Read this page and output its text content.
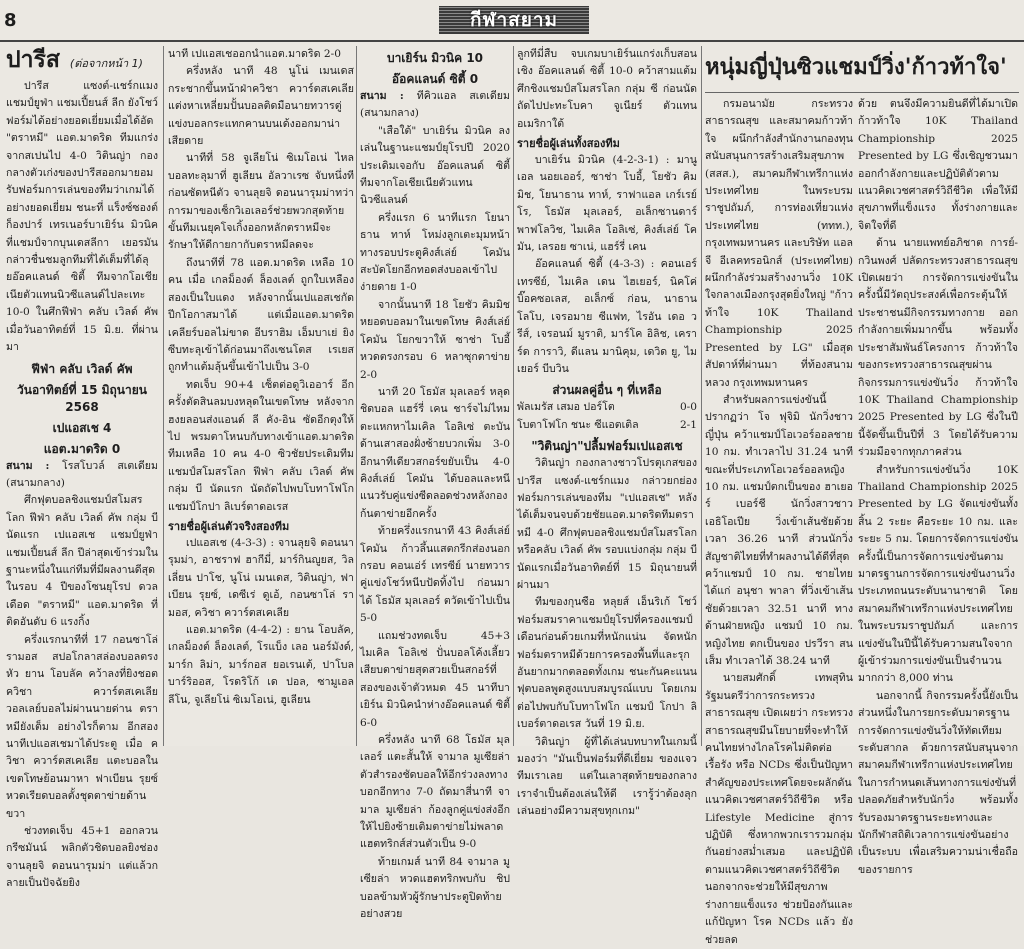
8	กีฬาสยาม
ปารีส (ต่อจากหน้า 1)

ปารีส แซงต์-แชร์กแมง แชมป์ยูฟ่า แชมเปี้ยนส์ ลีก ยังโชว์ฟอร์มได้อย่างยอดเยี่ยมเมื่อได้อัด "ตราหมี" แอต.มาดริด ทีมแกร่งจากสเปนไป 4-0 วิตินญ่า กองกลางตัวเก่งของปารีสออกมายอมรับฟอร์มการเล่นของทีมว่าเกมได้อย่างยอดเยี่ยม ชนะที่ แร็งซ์ซองต์ก็องปาร์ เทรเนอร์บาเยิร์น มิวนิค ที่แชมป์จากบุนเดสลีกา เยอรมันกล่าวชื่นชมลูกทีมที่ได้เต็มที่ได้ลุยอ๊อคแลนด์ ซิตี้ ทีมจากโอเชียเนียตัวแทนนิวซีแลนด์ไปละเทะ 10-0 ในศึกฟีฟ่า คลับ เวิลด์ คัพ เมื่อวันอาทิตย์ที่ 15 มิ.ย. ที่ผ่านมา

ฟีฟ่า คลับ เวิลด์ คัพ
วันอาทิตย์ที่ 15 มิถุนายน 2568
เปแอสเช 4
แอต.มาดริด 0

สนาม : โรสโบวล์ สเตเดียม (สนามกลาง)

ศึกฟุตบอลชิงแชมป์สโมสรโลก ฟีฟ่า คลับ เวิลด์ คัพ กลุ่ม บี นัดแรก เปแอสเช แชมป์ยูฟ่า แชมเปี้ยนส์ ลีก ปีล่าสุดเข้าร่วมในฐานะหนึ่งในแก่ทีมที่มีผลงานดีสุดในรอบ 4 ปีของโซนยุโรป ดวลเดือด "ตราหมี" แอต.มาดริด ที่ติดอันดับ 6 แรงกิ้ง

ครึ่งแรกนาทีที่ 17 กอนซาโล่ รามอส สปอโกลาสล่องบอลตรงหัว ยาน โอบลัค คว้าลงที่ยิงชอต ควิชา ควาร์ตสเคเลีย วอลเลย์บอลไม่ผ่านนายด่าน ตราหมียังเต็ม อย่างไรก็ตาม อีกสองนาทีเปแอสเชมาได้ประตู เมื่อ ควิชา ควาร์ตสเคเลีย แตะบอลในเขตโทษย้อนมาหา ฟาเบียน รุยซ์ หวดเรียดบอลตั้งชุดตาข่ายด้านขวา

ช่วงทดเจ็บ 45+1 ออกลวน กรีซมันน์ พลิกตัวชิดบอลยิงช่อง จานลุยจิ ดอนนารุมม่า แต่แล้วกลายเป็นปัจฉัยยิง

นาที เปแอสเชออกนำแอต.มาดริด 2-0

ครึ่งหลัง นาที 48 นูโน่ เมนเดส กระชากขึ้นหน้าฝ่าควิชา ควาร์ตสเคเลีย แต่งหาเหลี่ยมปั้นบอลติดมือนายทวารตู่แข่งบอลกระแทกคานบนเด้งออกมาน่าเสียดาย

นาทีที่ 58 จูเลียโน่ ซิเมโอเน่ ไหลบอลทะลุมาที่ ฮูเลียน อัลวาเรซ จับหนึ่งทีก่อนซัดหนีตัว จานลุยจิ ดอนนารุมม่าทว่าการมาของเซ็กวิเอเลอร์ช่วยพวกสุดท้ายขั้นทีมเนยุคโจเกิ้งออกหลักตราหมีจะรักษาให้ดีกายกากับตราหมีลดจะ

ถึงนาทีที่ 78 แอต.มาดริด เหลือ 10 คน เมื่อ เกลม็องต์ ล็องเลต์ ถูกใบเหลืองสองเป็นใบแดง หลังจากนั้นเปแอสเชกัดปีกโอกาสมาได้ แต่เมื่อแอต.มาดริดเคลียร์บอลไม่ขาด อีบราฮิม เอ็มบาเย่ ยิงซีบทะลุเข้าได้ก่อนมาถึงเซนโตส เรเยส ถูกทำแต้มลุ้นขึ้นเข้าไปเป็น 3-0

ทดเจ็บ 90+4 เซ็ตต่อดูวิเออาร์ อีกครั้งตัดสินลมบงหลุดในเขตโทษ หลังจากฮงยลอนส่งแอนด์ ลี คัง-อิน ซัดอีกตุงให้ไป พรมตาโหนบกับทางเข้าแอต.มาดริดทีมเหลือ 10 คน 4-0 ซิวชัยประเดิมทีมแชมป์สโมสรโลก ฟีฟ่า คลับ เวิลด์ คัพ กลุ่ม บี นัดแรก นัดถัดไปพบโบทาโฟโก แชมป์โกปา ลิเบร์ตาดอเรส

รายชื่อผู้เล่นตัวจริงสองทีม

เปแอสเช (4-3-3) : จานลุยจิ ดอนนารุมม่า, อาชราฟ ฮากีมี่, มาร์กินญูยส, วิลเลี่ยน ปาโช, นูโน่ เมนเดส, วิตินญ่า, ฟาเบียน รุยซ์, เดซีเร่ ดูเอ้, กอนซาโล่ รามอส, ควิชา ควาร์ตสเคเลีย

แอต.มาดริด (4-4-2) : ยาน โอบลัค, เกลม็องต์ ล็องเลต์, โรแบ็ง เลอ นอร์มังด์, มาร์ก ลิม่า, มาร์กอส ยอเรนเต้, ปาโบล บาร์ริออส, โรดริโก้ เด ปอล, ซามูเอล ลีโน, จูเลียโน่ ซิเมโอเน่, ฮูเลียน

บาเยิร์น มิวนิค 10
อ๊อคแลนด์ ซิตี้ 0

สนาม : ทีคิวแอล สเตเดียม (สนามกลาง)

"เสือใต้" บาเยิร์น มิวนิค ลงเล่นในฐานะแชมป์ยุโรปปี 2020 ประเดิมเจอกับ อ๊อคแลนด์ ซิตี้ ทีมจากโอเชียเนียตัวแทนนิวซีแลนด์

ครึ่งแรก 6 นาทีแรก โยนาธาน ทาห์ โหม่งลูกเตะมุมหน้าทางรอบประตูคิงส์เล่ย์ โคมัน สะบัดโยกอีกทอดส่งบอลเข้าไปง่ายดาย 1-0

จากนั้นนาที 18 โยชัว คิมมิช หยอดบอลมาในเขตโทษ คิงส์เล่ย์ โคมัน โยกขวาให้ ซาช่า โบอี้ หวดตรงกรอบ 6 หลาซุกตาข่าย 2-0

นาที 20 โธมัส มุลเลอร์ หลุดชิดบอล แฮร์รี่ เคน ชาร์จไม่ไหมตะแหกหาไมเคิล โอลิเซ่ ตะบันด้านเสาสองฝั่งซ้ายบวกเพิ่ม 3-0 อีกนาทีเดียวสกอร์ขยับเป็น 4-0 คิงส์เล่ย์ โคมัน ได้บอลและหนีแนวรับคู่แข่งซีดลอดช่วงหลังกองก้นตาข่ายอีกครั้ง

ท้ายครึ่งแรกนาที 43 คิงส์เล่ย์ โคมัน ก้าวลึ้นแสตกรีกส่องนอกกรอบ คอนเอ่ร์ เทรซีย์ นายทวารคู่แข่งโชว์หนีบปัดทิ้งไป ก่อนมาได้ โธมัส มุลเลอร์ ตวัดเข้าไปเป็น 5-0

แถมช่วงทดเจ็บ 45+3 ไมเคิล โอลิเซ่ ปั่นบอลโค้งเลี้ยวเสียบตาข่ายสุดสวยเป็นสกอร์ที่สองของเจ้าตัวหมด 45 นาทีบาเยิร์น มิวนิคนำห่างอ๊อคแลนด์ ซิตี้ 6-0

ครึ่งหลัง นาที 68 โธมัส มุลเลอร์ แตะสั้นให้ จามาล มูเซียล่า ตัวสำรองชัดบอลให้อีกร่วงลงทางบอกอีกทาง 7-0 ถัดมาสี่นาที จามาล มูเซียล่า ก้องลูกคู่แข่งส่งอีกให้ไปยิงซ้ายเติมตาข่ายไม่พลาด แฮตทริกส์ส่วนตัวเป็น 9-0

ท้ายเกมส์ นาที 84 จามาล มูเซียล่า หวดแฮตทริกพบกับ ชิปบอลข้ามหัวผู้รักษาประตูปิดท้ายอย่างสวย

ลูกทีมี่สืบ จบเกมบาเยิร์นแกร่งเก็บสอนเชิง อ๊อคแลนด์ ซิตี้ 10-0 คว้าสามแต้ม ศึกชิงแชมป์สโมสรโลก กลุ่ม ซี ก่อนนัดถัดไปปะทะโบคา จูเนียร์ ตัวแทนอเมริกาใต้

รายชื่อผู้เล่นทั้งสองทีม

บาเยิร์น มิวนิค (4-2-3-1) : มานูเอล นอยเออร์, ซาช่า โบอี้, โยชัว คิมมิช, โยนาธาน ทาห์, ราฟาแอล เกร์เรย์โร, โธมัส มุลเลอร์, อเล็กซานดาร์ พาฟโลวิช, ไมเคิล โอลิเซ่, คิงส์เล่ย์ โคมัน, เลรอย ซาเน่, แฮร์รี่ เคน

อ๊อคแลนด์ ซิตี้ (4-3-3) : คอนเอร์ เทรซีย์, ไมเคิล เดน ไฮเยอร์, นิคโค่ บิ๊อคซอเลส, อเล็กซ์ ก่อน, นาธาน โลโบ, เจรอมาย ซีแฟท, ไรอัน เดอ วรีส์, เจรอนม์ มูราติ, มาร์โค อิลิช, เคราร์ด การาวิ, ดีแลน มานิคุม, เดวิด ยู, ไมเยอร์ บีบวิน

ส่วนผลคู่อื่น ๆ ที่เหลือ
พัลเมรัส เสมอ ปอร์โต	0-0
โบตาโฟโก ชนะ ซีแอตเติล	2-1
"วิตินญ่า"ปลื้มฟอร์มเปแอสเช

วิตินญ่า กองกลางชาวโปรตุเกสของปารีส แซงต์-แชร์กแมง กล่าวยกย่องฟอร์มการเล่นของทีม "เปแอสเช" หลังได้เต็มจนจบด้วยชัยแอต.มาดริดทีมตราหมี 4-0 ศึกฟุตบอลชิงแชมป์สโมสรโลก หรือคลับ เวิลด์ คัพ รอบแบ่งกลุ่ม กลุ่ม บี นัดแรกเมื่อวันอาทิตย์ที่ 15 มิถุนายนที่ผ่านมา

ทีมของกุนซือ หลุยส์ เอ็นริเก้ โชว์ฟอร์มสมราคาแชมป์ยุโรปที่ครองแชมป์เดือนก่อนด้วยเกมที่หนักแน่น จัดหนักฟอร์มตราหมีด้วยการครองพื้นที่และรุกอันยากมากตลอดทั้งเกม ชนะกันคะแนนฟุตบอลพูดสูงแบบสมบูรณ์แบบ โดยเกมต่อไปพบกับโบทาโฟโก แชมป์ โกปา ลิเบอร์ตาดอเรส วันที่ 19 มิ.ย.

วิตินญ่า ผู้ที่ได้เล่นบทบาทในเกมนี้มองว่า "มันเป็นฟอร์มที่ดีเยี่ยม ของแจวทีมเราเลย แต่ในเลาสุดท้ายของกลาง เราจำเป็นต้องเล่นให้ดี เรารู้ว่าต้องลุกเล่นอย่างมีความสุขทุกเกม"

หนุ่มญี่ปุ่นซิวแชมป์วิ่ง'ก้าวท้าใจ'

กรมอนามัย กระทรวงสาธารณสุข และสมาคมก้าวท้าใจ ผนึกกำลังสำนักงานกองทุนสนับสนุนการสร้างเสริมสุขภาพ (สสส.), สมาคมกีฬาเทรีกาแห่งประเทศไทย ในพระบรมราชูปถัมภ์, การท่องเที่ยวแห่งประเทศไทย (ททท.), กรุงเทพมหานคร และบริษัท แอลจี อีเลคทรอนิกส์ (ประเทศไทย) ผนึกกำลังร่วมสร้างงานวิ่ง 10K ใจกลางเมืองกรุงสุดยิ่งใหญ่ "ก้าวท้าใจ 10K Thailand Championship 2025 Presented by LG" เมื่อสุดสัปดาห์ที่ผ่านมา ที่ท้องสนามหลวง กรุงเทพมหานคร

สำหรับผลการแข่งขันนี้ปรากฏว่า โจ ฟุจิมิ นักวิ่งชาวญี่ปุ่น คว้าแชมป์โอเวอร์ออลชาย 10 กม. ทำเวลาไป 31.24 นาที ขณะที่ประเภทโอเวอร์ออลหญิง 10 กม. แชมป์ตกเป็นของ ฮาเยอร์ เบอร์ชี นักวิ่งสาวชาวเอธิโอเปีย วิ่งเข้าเส้นชัยด้วยเวลา 36.26 นาที ส่วนนักวิ่งสัญชาติไทยที่ทำผลงานได้ดีที่สุด คว้าแชมป์ 10 กม. ชายไทย ได้แก่ อนุชา พาลา ที่วิ่งเข้าเส้นชัยด้วยเวลา 32.51 นาที ทางด้านฝ่ายหญิง แชมป์ 10 กม. หญิงไทย ตกเป็นของ ปรวีรา สนเส็ม ทำเวลาได้ 38.24 นาที

นายสมศักดิ์ เทพสุทิน รัฐมนตรีว่าการกระทรวงสาธารณสุข เปิดเผยว่า กระทรวงสาธารณสุขมีนโยบายที่จะทำให้คนไทยห่างไกลโรคไม่ติดต่อเรื้อรัง หรือ NCDs ซึ่งเป็นปัญหาสำคัญของประเทศโดยจะผลักดันแนวคิดเวชศาสตร์วิถีชีวิต หรือ Lifestyle Medicine สู่การปฏิบัติ ซึ่งหากพวกเรารวมกลุ่มกันอย่างสม่ำเสมอ และปฏิบัติตามแนวคิดเวชศาสตร์วิถีชีวิต นอกจากจะช่วยให้มีสุขภาพร่างกายแข็งแรง ช่วยป้องกันและแก้ปัญหา โรค NCDs แล้ว ยังช่วยลด

ด้วย ตนจึงมีความยินดีที่ได้มาเปิด ก้าวท้าใจ 10K Thailand Championship 2025 Presented by LG ซึ่งเชิญชวนมาออกกำลังกายและปฏิบัติตัวตามแนวคิดเวชศาสตร์วิถีชีวิต เพื่อให้มีสุขภาพที่แข็งแรง ทั้งร่างกายและจิตใจที่ดี

ด้าน นายแพทย์อภิชาต การย์-กวินพงศ์ ปลัดกระทรวงสาธารณสุข เปิดเผยว่า การจัดการแข่งขันในครั้งนี้มีวัตถุประสงค์เพื่อกระตุ้นให้ประชาชนมีกิจกรรมทางกาย ออกกำลังกายเพิ่มมากขึ้น พร้อมทั้งประชาสัมพันธ์โครงการ ก้าวท้าใจของกระทรวงสาธารณสุขผ่านกิจกรรมการแข่งขันวิ่ง ก้าวท้าใจ 10K Thailand Championship 2025 Presented by LG ซึ่งในปีนี้จัดขึ้นเป็นปีที่ 3 โดยได้รับความร่วมมือจากทุกภาคส่วน

สำหรับการแข่งขันวิ่ง 10K Thailand Championship 2025 Presented by LG จัดแข่งขันทั้งสิ้น 2 ระยะ คือระยะ 10 กม. และระยะ 5 กม. โดยการจัดการแข่งขันครั้งนี้เป็นการจัดการแข่งขันตามมาตรฐานการจัดการแข่งขันงานวิ่งประเภทถนนระดับนานาชาติ โดยสมาคมกีฬาเทรีกาแห่งประเทศไทย ในพระบรมราชูปถัมภ์ และการแข่งขันในปีนี้ได้รับความสนใจจากผู้เข้าร่วมการแข่งขันเป็นจำนวนมากกว่า 8,000 ท่าน

นอกจากนี้ กิจกรรมครั้งนี้ยังเป็นส่วนหนึ่งในการยกระดับมาตรฐานการจัดการแข่งขันวิ่งให้ทัดเทียมระดับสากล ด้วยการสนับสนุนจากสมาคมกีฬาเทรีกาแห่งประเทศไทย ในการกำหนดเส้นทางการแข่งขันที่ปลอดภัยสำหรับนักวิ่ง พร้อมทั้งรับรองมาตรฐานระยะทางและนักกีฬาสถิติเวลาการแข่งขันอย่างเป็นระบบ เพื่อเสริมความน่าเชื่อถือของรายการ
